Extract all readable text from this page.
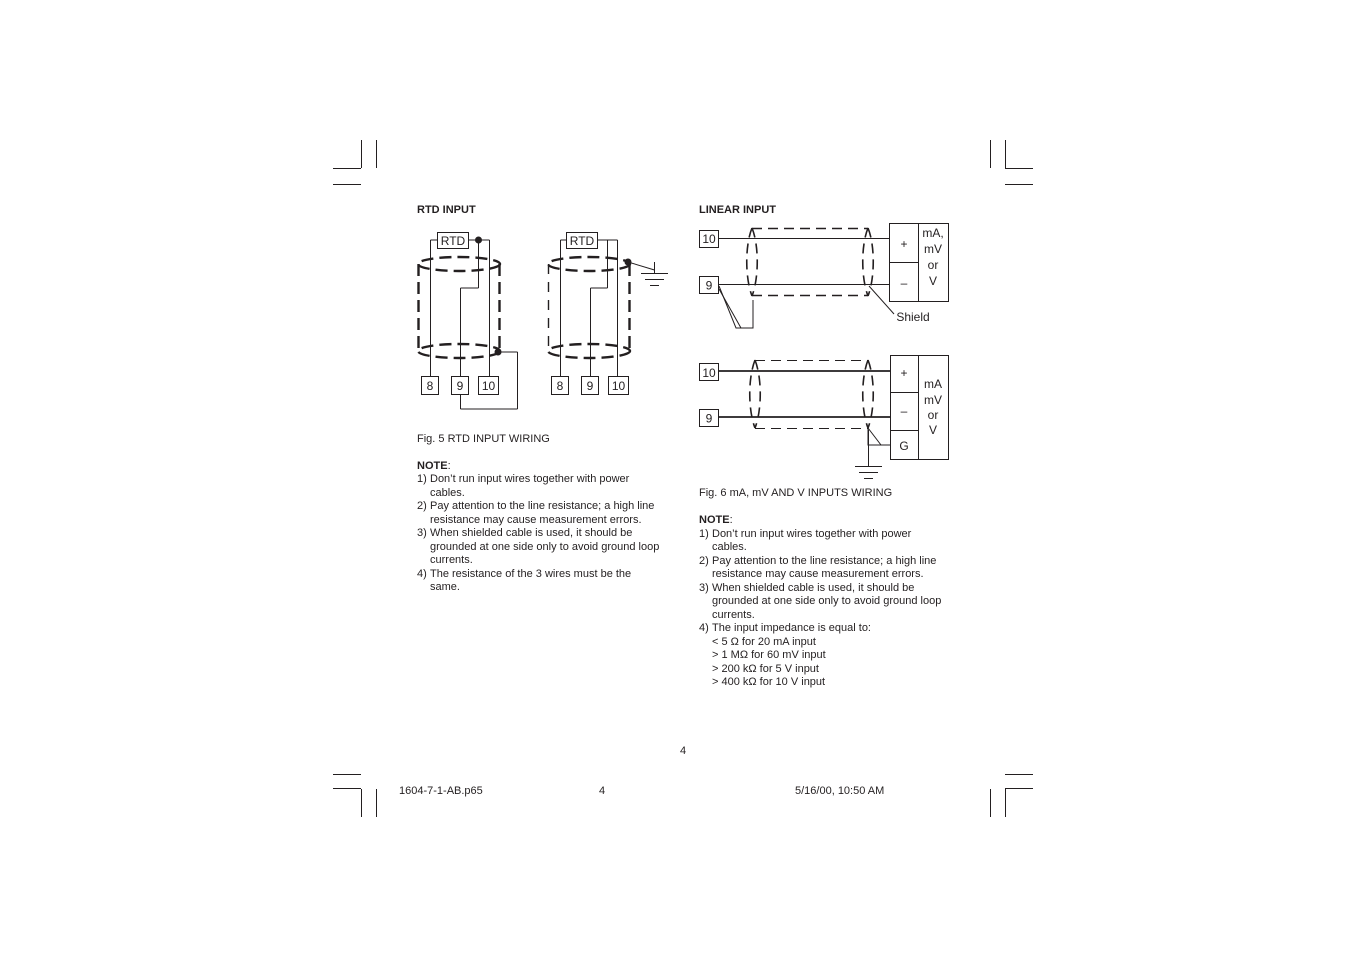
RTD INPUT
RTD	RTD
8 9 10	8 9 10
Fig. 5 RTD INPUT WIRING
NOTE:
1) Don’t run input wires together with power
cables.
2) Pay attention to the line resistance; a high line
resistance may cause measurement errors.
3) When shielded cable is used, it should be
grounded at one side only to avoid ground loop
currents.
4) The resistance of the 3 wires must be the
same.
LINEAR INPUT
10
9
+
–
mA,
mV
or
V
Shield
10
9
+
–
G
mA
mV
or
V
Fig. 6 mA, mV AND V INPUTS WIRING
NOTE:
1) Don’t run input wires together with power
cables.
2) Pay attention to the line resistance; a high line
resistance may cause measurement errors.
3) When shielded cable is used, it should be
grounded at one side only to avoid ground loop
currents.
4) The input impedance is equal to:
< 5 Ω for 20 mA input
> 1 MΩ for 60 mV input
> 200 kΩ for 5 V input
> 400 kΩ for 10 V input
4
1604-7-1-AB.p65	4	5/16/00, 10:50 AM
